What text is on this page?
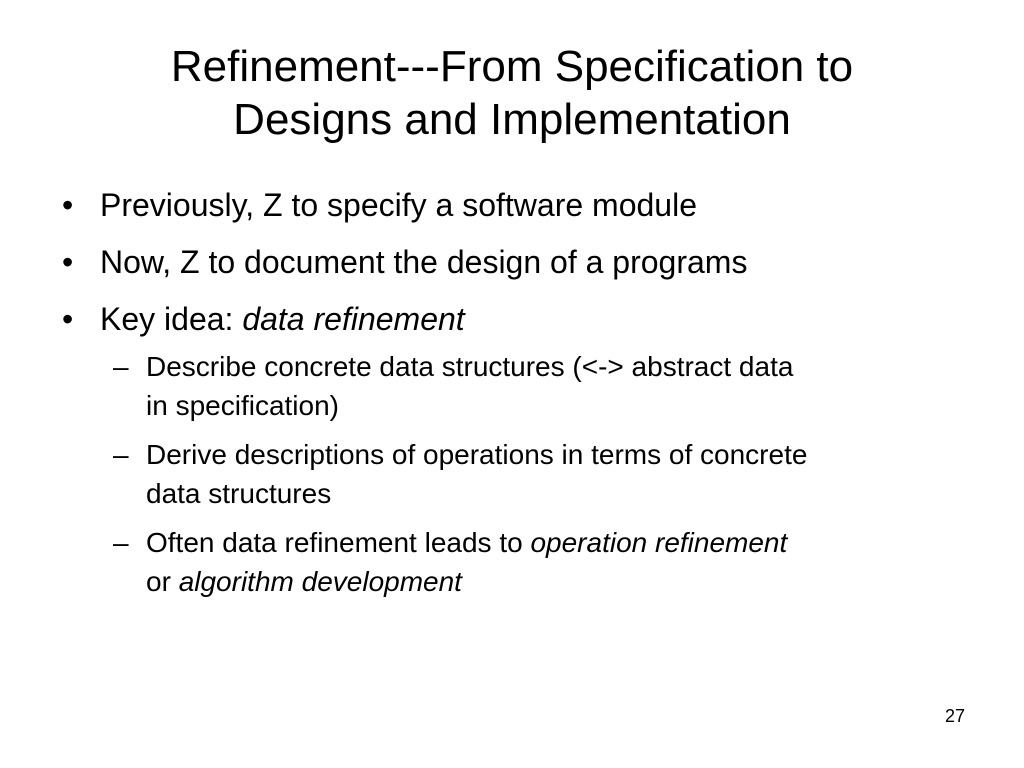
Refinement---From Specification to
Designs and Implementation
• Previously, Z to specify a software module
• Now, Z to document the design of a programs
• Key idea: data refinement
– Describe concrete data structures (<-> abstract data
in specification)
– Derive descriptions of operations in terms of concrete
data structures
– Often data refinement leads to operation refinement
or algorithm development
27
